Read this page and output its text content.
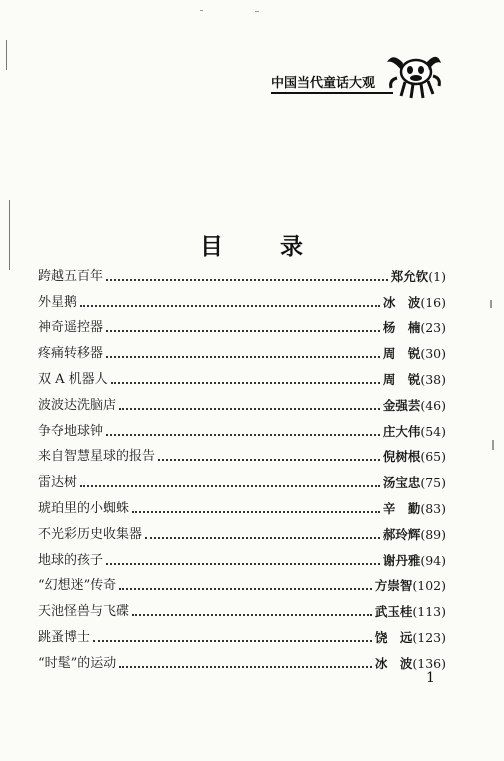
中国当代童话大观
目录
跨越五百年	郑允钦 (1)
外星鹅	冰　波 (16)
神奇遥控器	杨　楠 (23)
疼痛转移器	周　锐 (30)
双 A 机器人	周　锐 (38)
波波达洗脑店	金强芸 (46)
争夺地球钟	庄大伟 (54)
来自智慧星球的报告	倪树根 (65)
雷达树	汤宝忠 (75)
琥珀里的小蜘蛛	辛　勤 (83)
不光彩历史收集器	郝玲辉 (89)
地球的孩子	谢丹雅 (94)
“幻想迷”传奇	方崇智 (102)
天池怪兽与飞碟	武玉桂 (113)
跳蚤博士	饶　远 (123)
“时髦”的运动	冰　波 (136)
1
